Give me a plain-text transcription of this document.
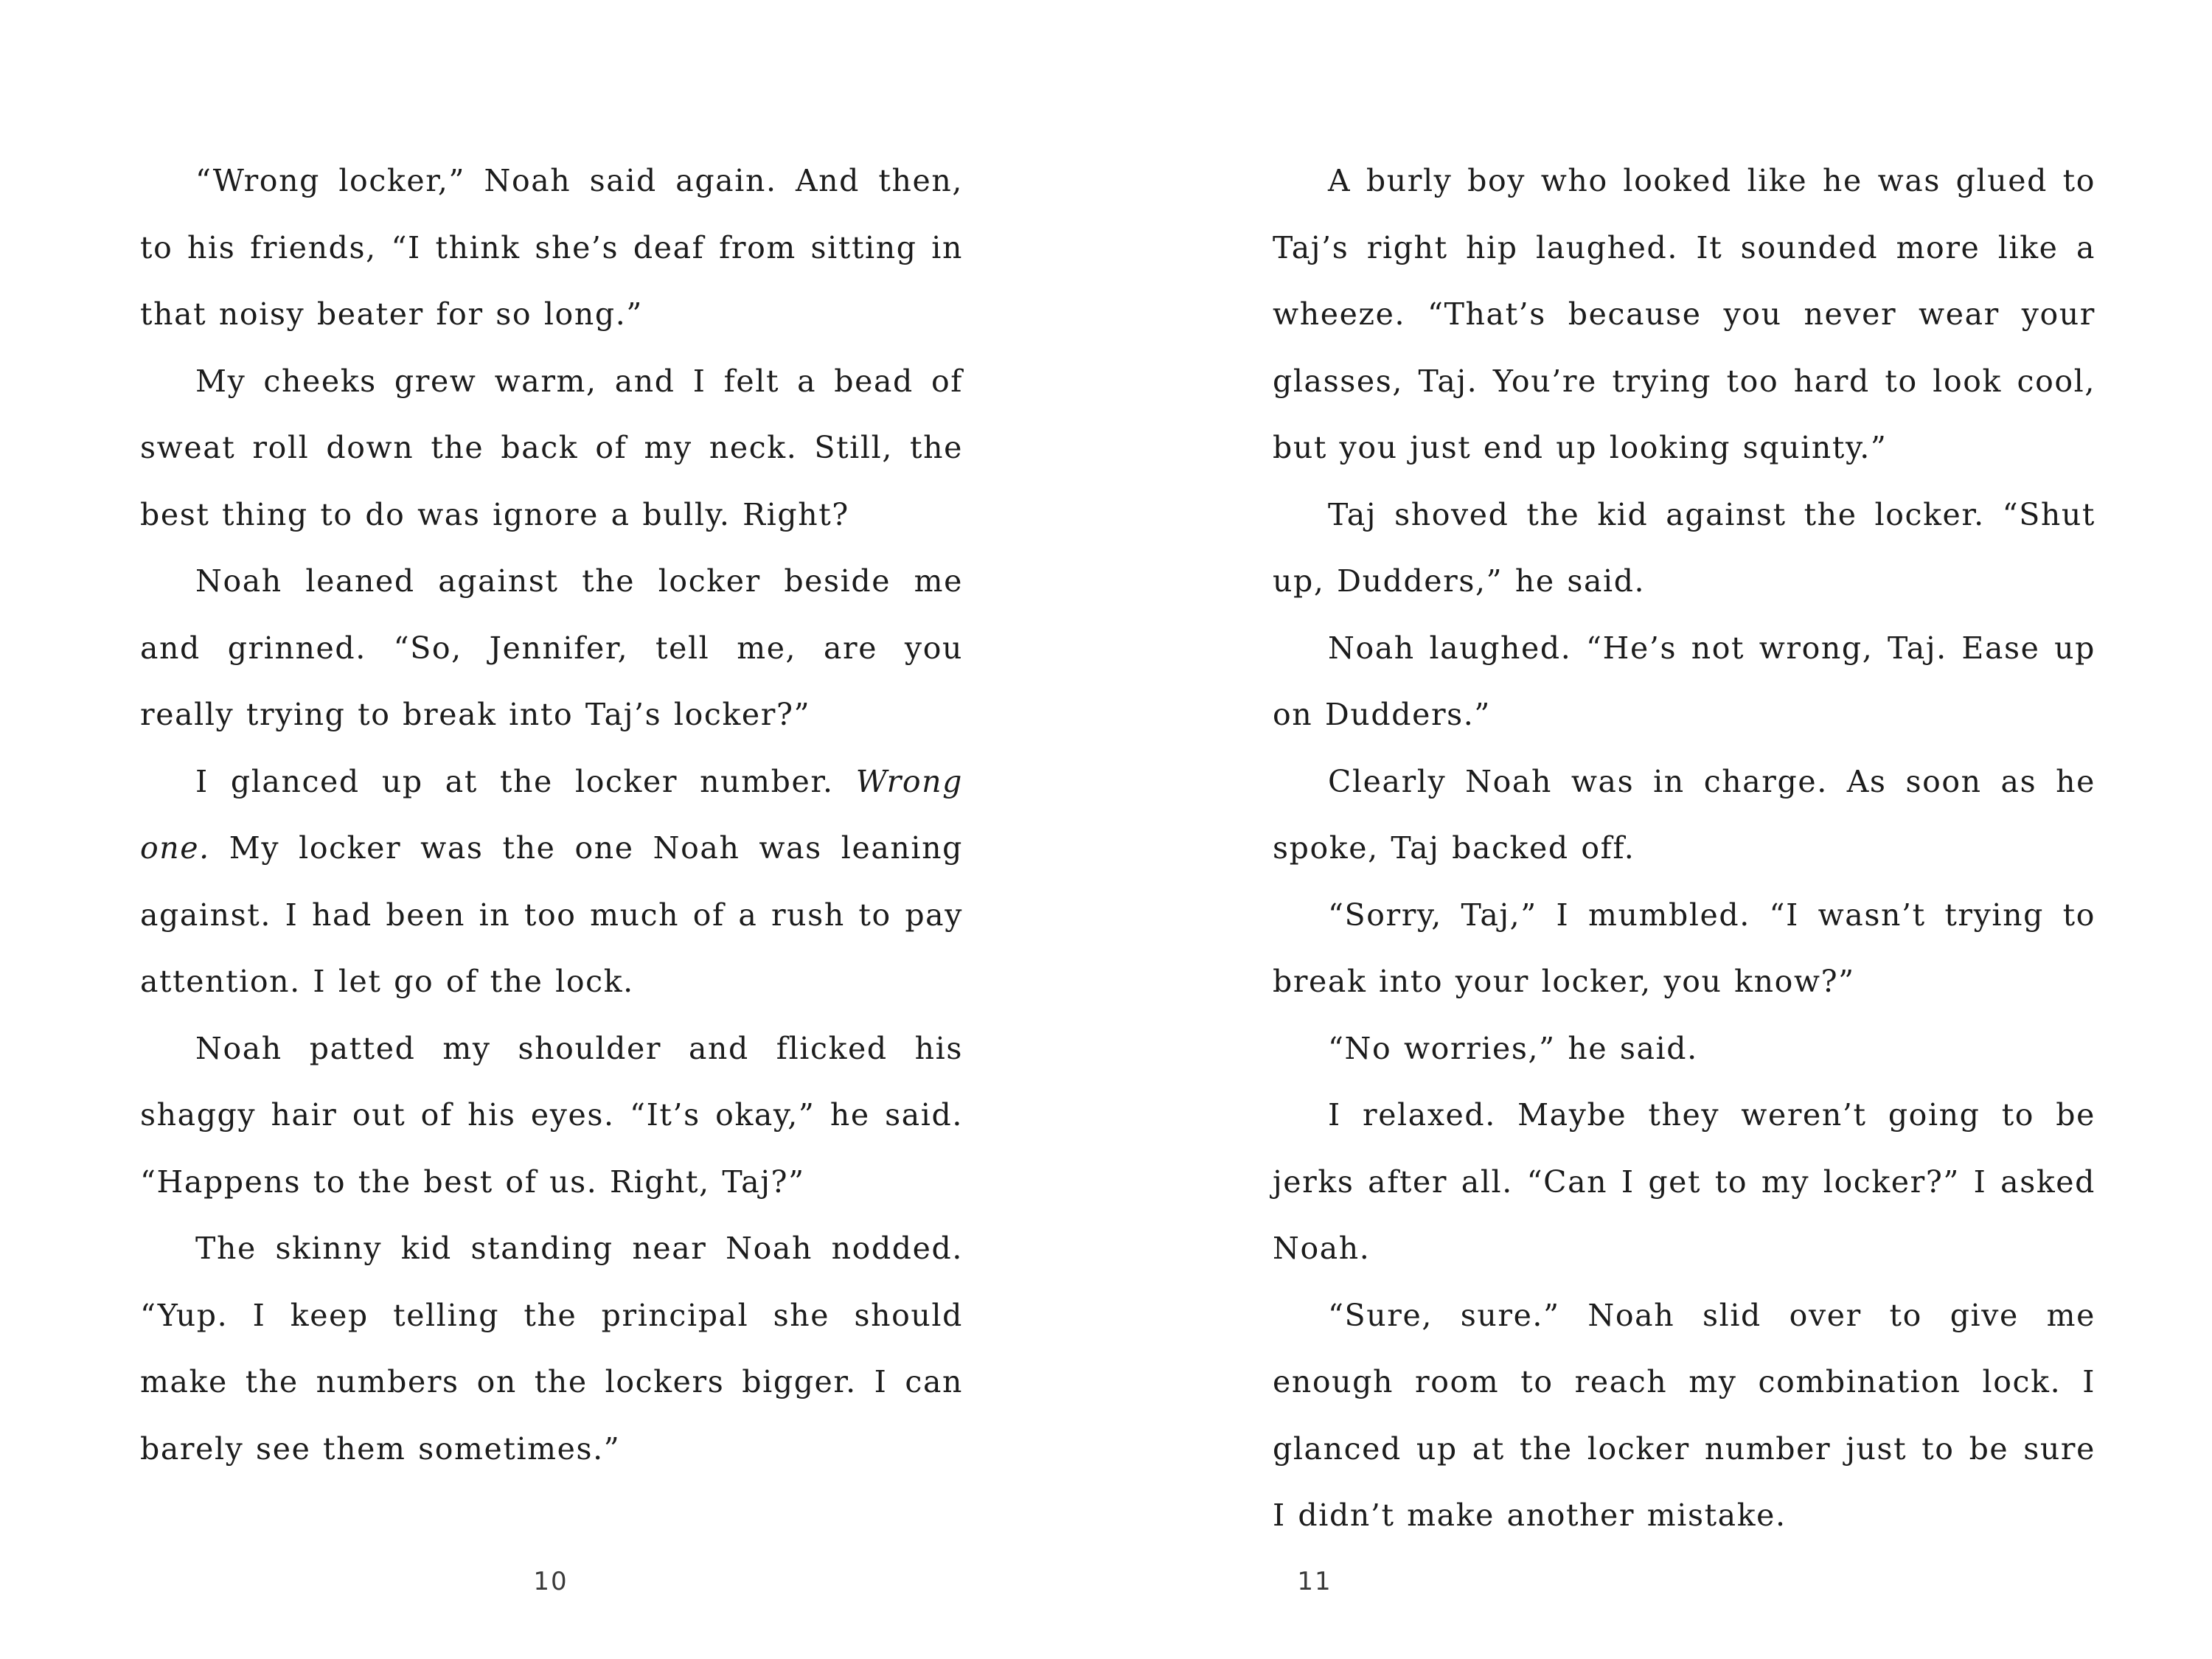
“Wrong locker,” Noah said again. And then, to his friends, “I think she’s deaf from sitting in that noisy beater for so long.”

My cheeks grew warm, and I felt a bead of sweat roll down the back of my neck. Still, the best thing to do was ignore a bully. Right?

Noah leaned against the locker beside me and grinned. “So, Jennifer, tell me, are you really trying to break into Taj’s locker?”

I glanced up at the locker number. Wrong one. My locker was the one Noah was leaning against. I had been in too much of a rush to pay attention. I let go of the lock.

Noah patted my shoulder and flicked his shaggy hair out of his eyes. “It’s okay,” he said. “Happens to the best of us. Right, Taj?”

The skinny kid standing near Noah nodded. “Yup. I keep telling the principal she should make the numbers on the lockers bigger. I can barely see them sometimes.”

10

A burly boy who looked like he was glued to Taj’s right hip laughed. It sounded more like a wheeze. “That’s because you never wear your glasses, Taj. You’re trying too hard to look cool, but you just end up looking squinty.”

Taj shoved the kid against the locker. “Shut up, Dudders,” he said.

Noah laughed. “He’s not wrong, Taj. Ease up on Dudders.”

Clearly Noah was in charge. As soon as he spoke, Taj backed off.

“Sorry, Taj,” I mumbled. “I wasn’t trying to break into your locker, you know?”

“No worries,” he said.

I relaxed. Maybe they weren’t going to be jerks after all. “Can I get to my locker?” I asked Noah.

“Sure, sure.” Noah slid over to give me enough room to reach my combination lock. I glanced up at the locker number just to be sure I didn’t make another mistake.

11
